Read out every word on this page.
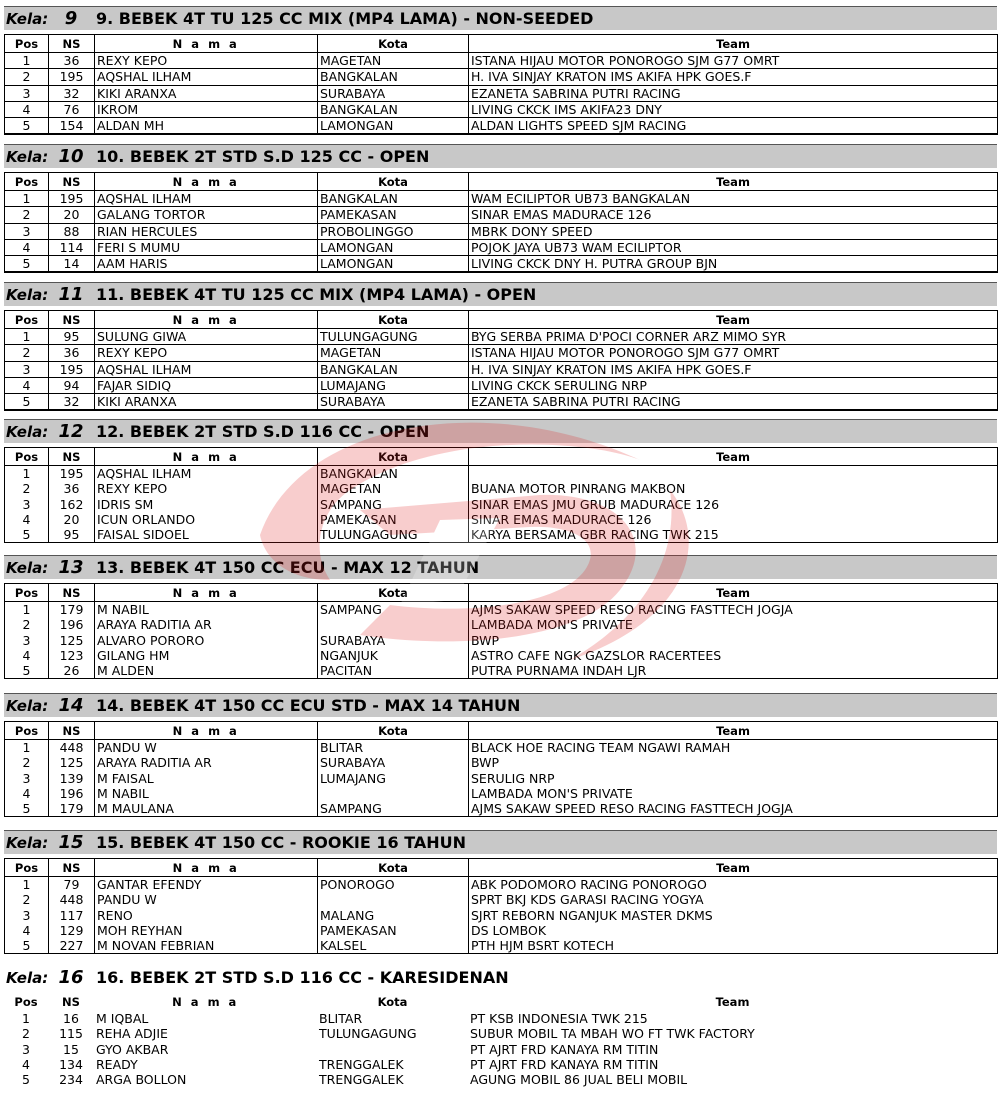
Kela: 9	9. BEBEK 4T TU 125 CC MIX (MP4 LAMA) - NON-SEEDED
Pos	NS	N a m a	Kota	Team
1	36	REXY KEPO	MAGETAN	ISTANA HIJAU MOTOR PONOROGO SJM G77 OMRT
2	195	AQSHAL ILHAM	BANGKALAN	H. IVA SINJAY KRATON IMS AKIFA HPK GOES.F
3	32	KIKI ARANXA	SURABAYA	EZANETA SABRINA PUTRI RACING
4	76	IKROM	BANGKALAN	LIVING CKCK IMS AKIFA23 DNY
5	154	ALDAN MH	LAMONGAN	ALDAN LIGHTS SPEED SJM RACING
Kela: 10 10. BEBEK 2T STD S.D 125 CC - OPEN
Pos	NS	N a m a	Kota	Team
1	195	AQSHAL ILHAM	BANGKALAN	WAM ECILIPTOR UB73 BANGKALAN
2	20	GALANG TORTOR	PAMEKASAN	SINAR EMAS MADURACE 126
3	88	RIAN HERCULES	PROBOLINGGO	MBRK DONY SPEED
4	114	FERI S MUMU	LAMONGAN	POJOK JAYA UB73 WAM ECILIPTOR
5	14	AAM HARIS	LAMONGAN	LIVING CKCK DNY H. PUTRA GROUP BJN
Kela: 11 11. BEBEK 4T TU 125 CC MIX (MP4 LAMA) - OPEN
Pos	NS	N a m a	Kota	Team
1	95	SULUNG GIWA	TULUNGAGUNG	BYG SERBA PRIMA D'POCI CORNER ARZ MIMO SYR
2	36	REXY KEPO	MAGETAN	ISTANA HIJAU MOTOR PONOROGO SJM G77 OMRT
3	195	AQSHAL ILHAM	BANGKALAN	H. IVA SINJAY KRATON IMS AKIFA HPK GOES.F
4	94	FAJAR SIDIQ	LUMAJANG	LIVING CKCK SERULING NRP
5	32	KIKI ARANXA	SURABAYA	EZANETA SABRINA PUTRI RACING
Kela: 12 12. BEBEK 2T STD S.D 116 CC - OPEN
Pos	NS	N a m a	Kota	Team
1	195	AQSHAL ILHAM	BANGKALAN	
2	36	REXY KEPO	MAGETAN	BUANA MOTOR PINRANG MAKBON
3	162	IDRIS SM	SAMPANG	SINAR EMAS JMU GRUB MADURACE 126
4	20	ICUN ORLANDO	PAMEKASAN	SINAR EMAS MADURACE 126
5	95	FAISAL SIDOEL	TULUNGAGUNG	KARYA BERSAMA GBR RACING TWK 215
Kela: 13 13. BEBEK 4T 150 CC ECU - MAX 12 TAHUN
Pos	NS	N a m a	Kota	Team
1	179	M NABIL	SAMPANG	AJMS SAKAW SPEED RESO RACING FASTTECH JOGJA
2	196	ARAYA RADITIA AR		LAMBADA MON'S PRIVATE
3	125	ALVARO PORORO	SURABAYA	BWP
4	123	GILANG HM	NGANJUK	ASTRO CAFE NGK GAZSLOR RACERTEES
5	26	M ALDEN	PACITAN	PUTRA PURNAMA INDAH LJR
Kela: 14 14. BEBEK 4T 150 CC ECU STD - MAX 14 TAHUN
Pos	NS	N a m a	Kota	Team
1	448	PANDU W	BLITAR	BLACK HOE RACING TEAM NGAWI RAMAH
2	125	ARAYA RADITIA AR	SURABAYA	BWP
3	139	M FAISAL	LUMAJANG	SERULIG NRP
4	196	M NABIL		LAMBADA MON'S PRIVATE
5	179	M MAULANA	SAMPANG	AJMS SAKAW SPEED RESO RACING FASTTECH JOGJA
Kela: 15 15. BEBEK 4T 150 CC - ROOKIE 16 TAHUN
Pos	NS	N a m a	Kota	Team
1	79	GANTAR EFENDY	PONOROGO	ABK PODOMORO RACING PONOROGO
2	448	PANDU W		SPRT BKJ KDS GARASI RACING YOGYA
3	117	RENO	MALANG	SJRT REBORN NGANJUK MASTER DKMS
4	129	MOH REYHAN	PAMEKASAN	DS LOMBOK
5	227	M NOVAN FEBRIAN	KALSEL	PTH HJM BSRT KOTECH
Kela: 16 16. BEBEK 2T STD S.D 116 CC - KARESIDENAN
Pos	NS	N a m a	Kota	Team
1	16	M IQBAL	BLITAR	PT KSB INDONESIA TWK 215
2	115	REHA ADJIE	TULUNGAGUNG	SUBUR MOBIL TA MBAH WO FT TWK FACTORY
3	15	GYO AKBAR		PT AJRT FRD KANAYA RM TITIN
4	134	READY	TRENGGALEK	PT AJRT FRD KANAYA RM TITIN
5	234	ARGA BOLLON	TRENGGALEK	AGUNG MOBIL 86 JUAL BELI MOBIL
